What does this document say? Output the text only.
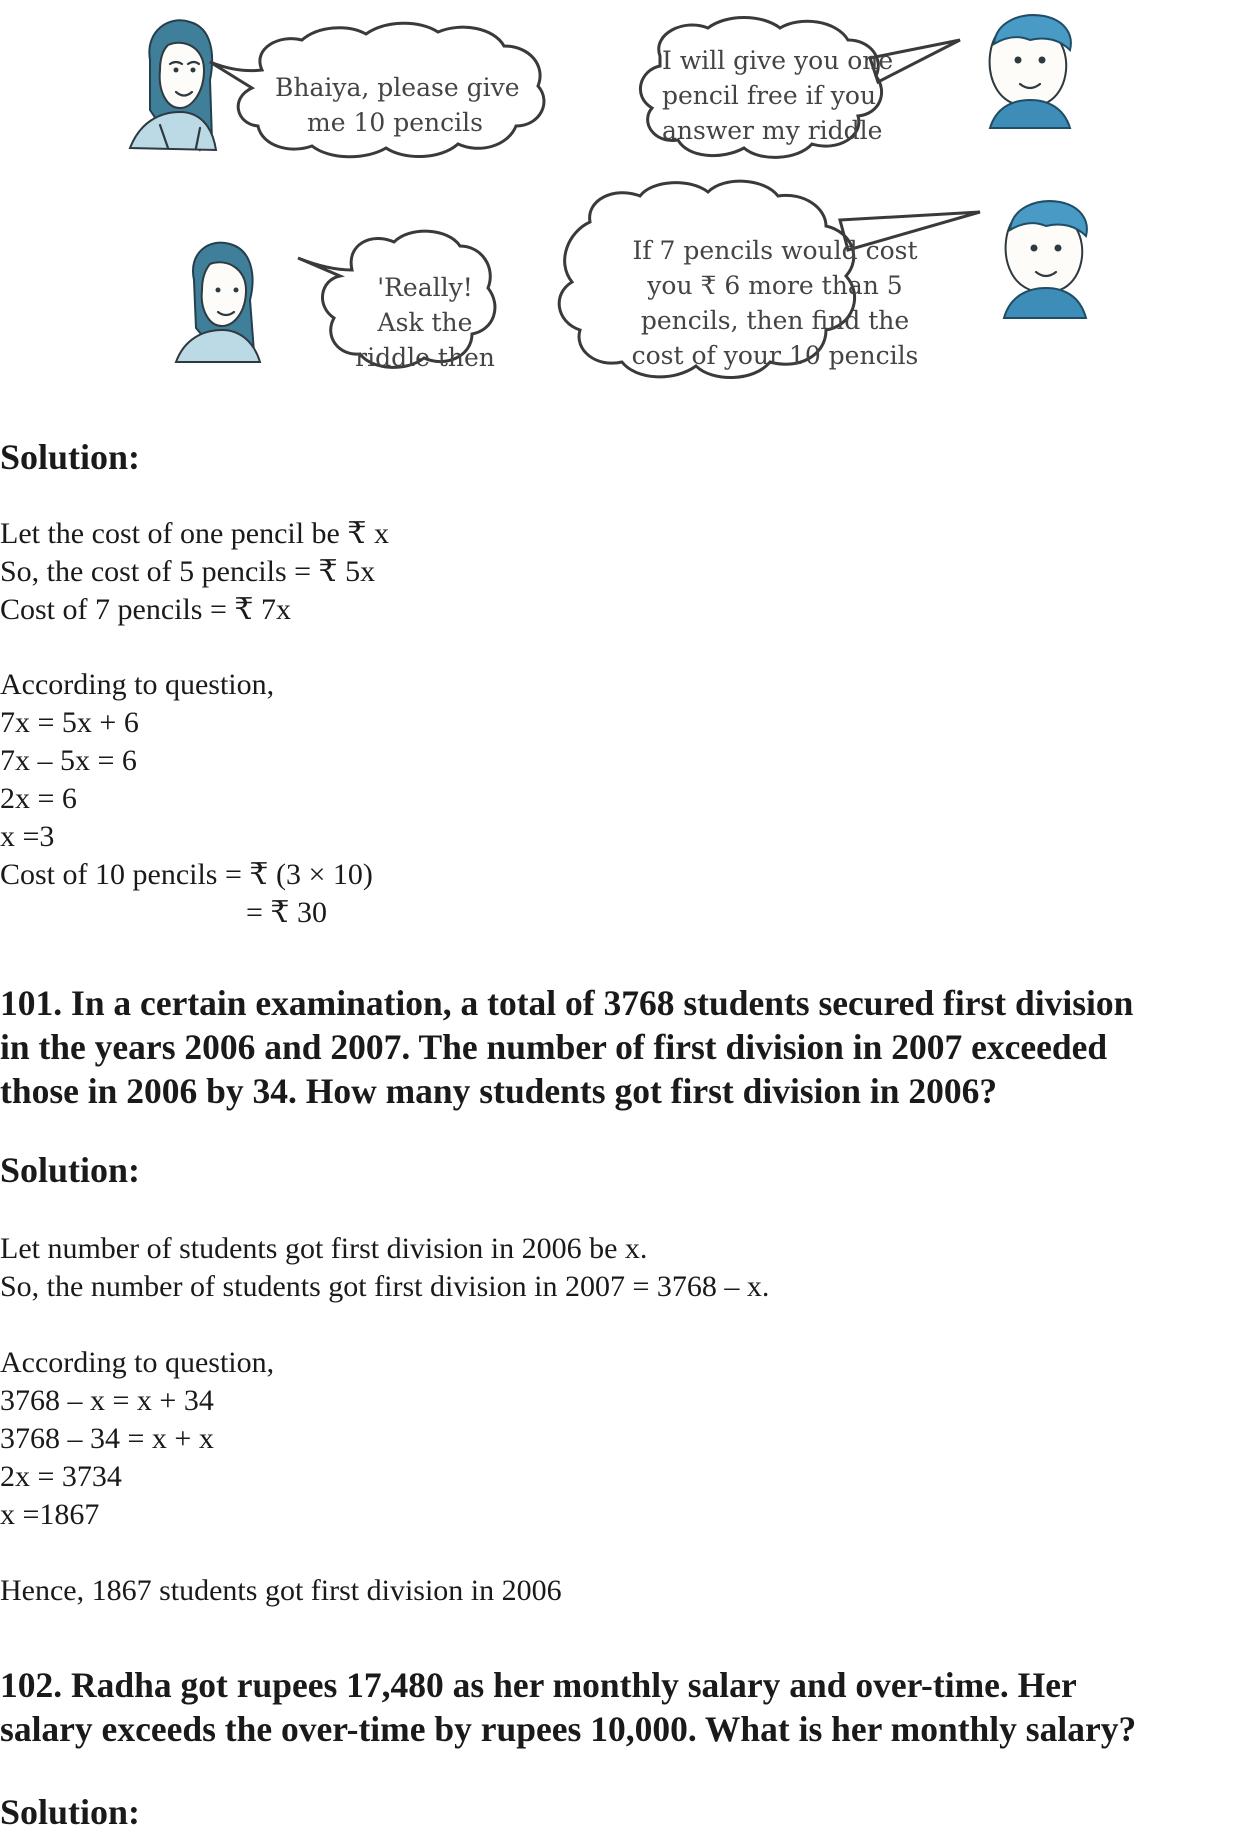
Bhaiya, please give
me 10 pencils
I will give you one
pencil free if you
answer my riddle
'Really!
Ask the
riddle then
If 7 pencils would cost
you ₹ 6 more than 5
pencils, then find the
cost of your 10 pencils
Solution:
Let the cost of one pencil be ₹ x
So, the cost of 5 pencils = ₹ 5x
Cost of 7 pencils = ₹ 7x
According to question,
7x = 5x + 6
7x – 5x = 6
2x = 6
x =3
Cost of 10 pencils = ₹ (3 × 10)
= ₹ 30
101. In a certain examination, a total of 3768 students secured first division
in the years 2006 and 2007. The number of first division in 2007 exceeded
those in 2006 by 34. How many students got first division in 2006?
Solution:
Let number of students got first division in 2006 be x.
So, the number of students got first division in 2007 = 3768 – x.
According to question,
3768 – x = x + 34
3768 – 34 = x + x
2x = 3734
x =1867
Hence, 1867 students got first division in 2006
102. Radha got rupees 17,480 as her monthly salary and over-time. Her
salary exceeds the over-time by rupees 10,000. What is her monthly salary?
Solution:
